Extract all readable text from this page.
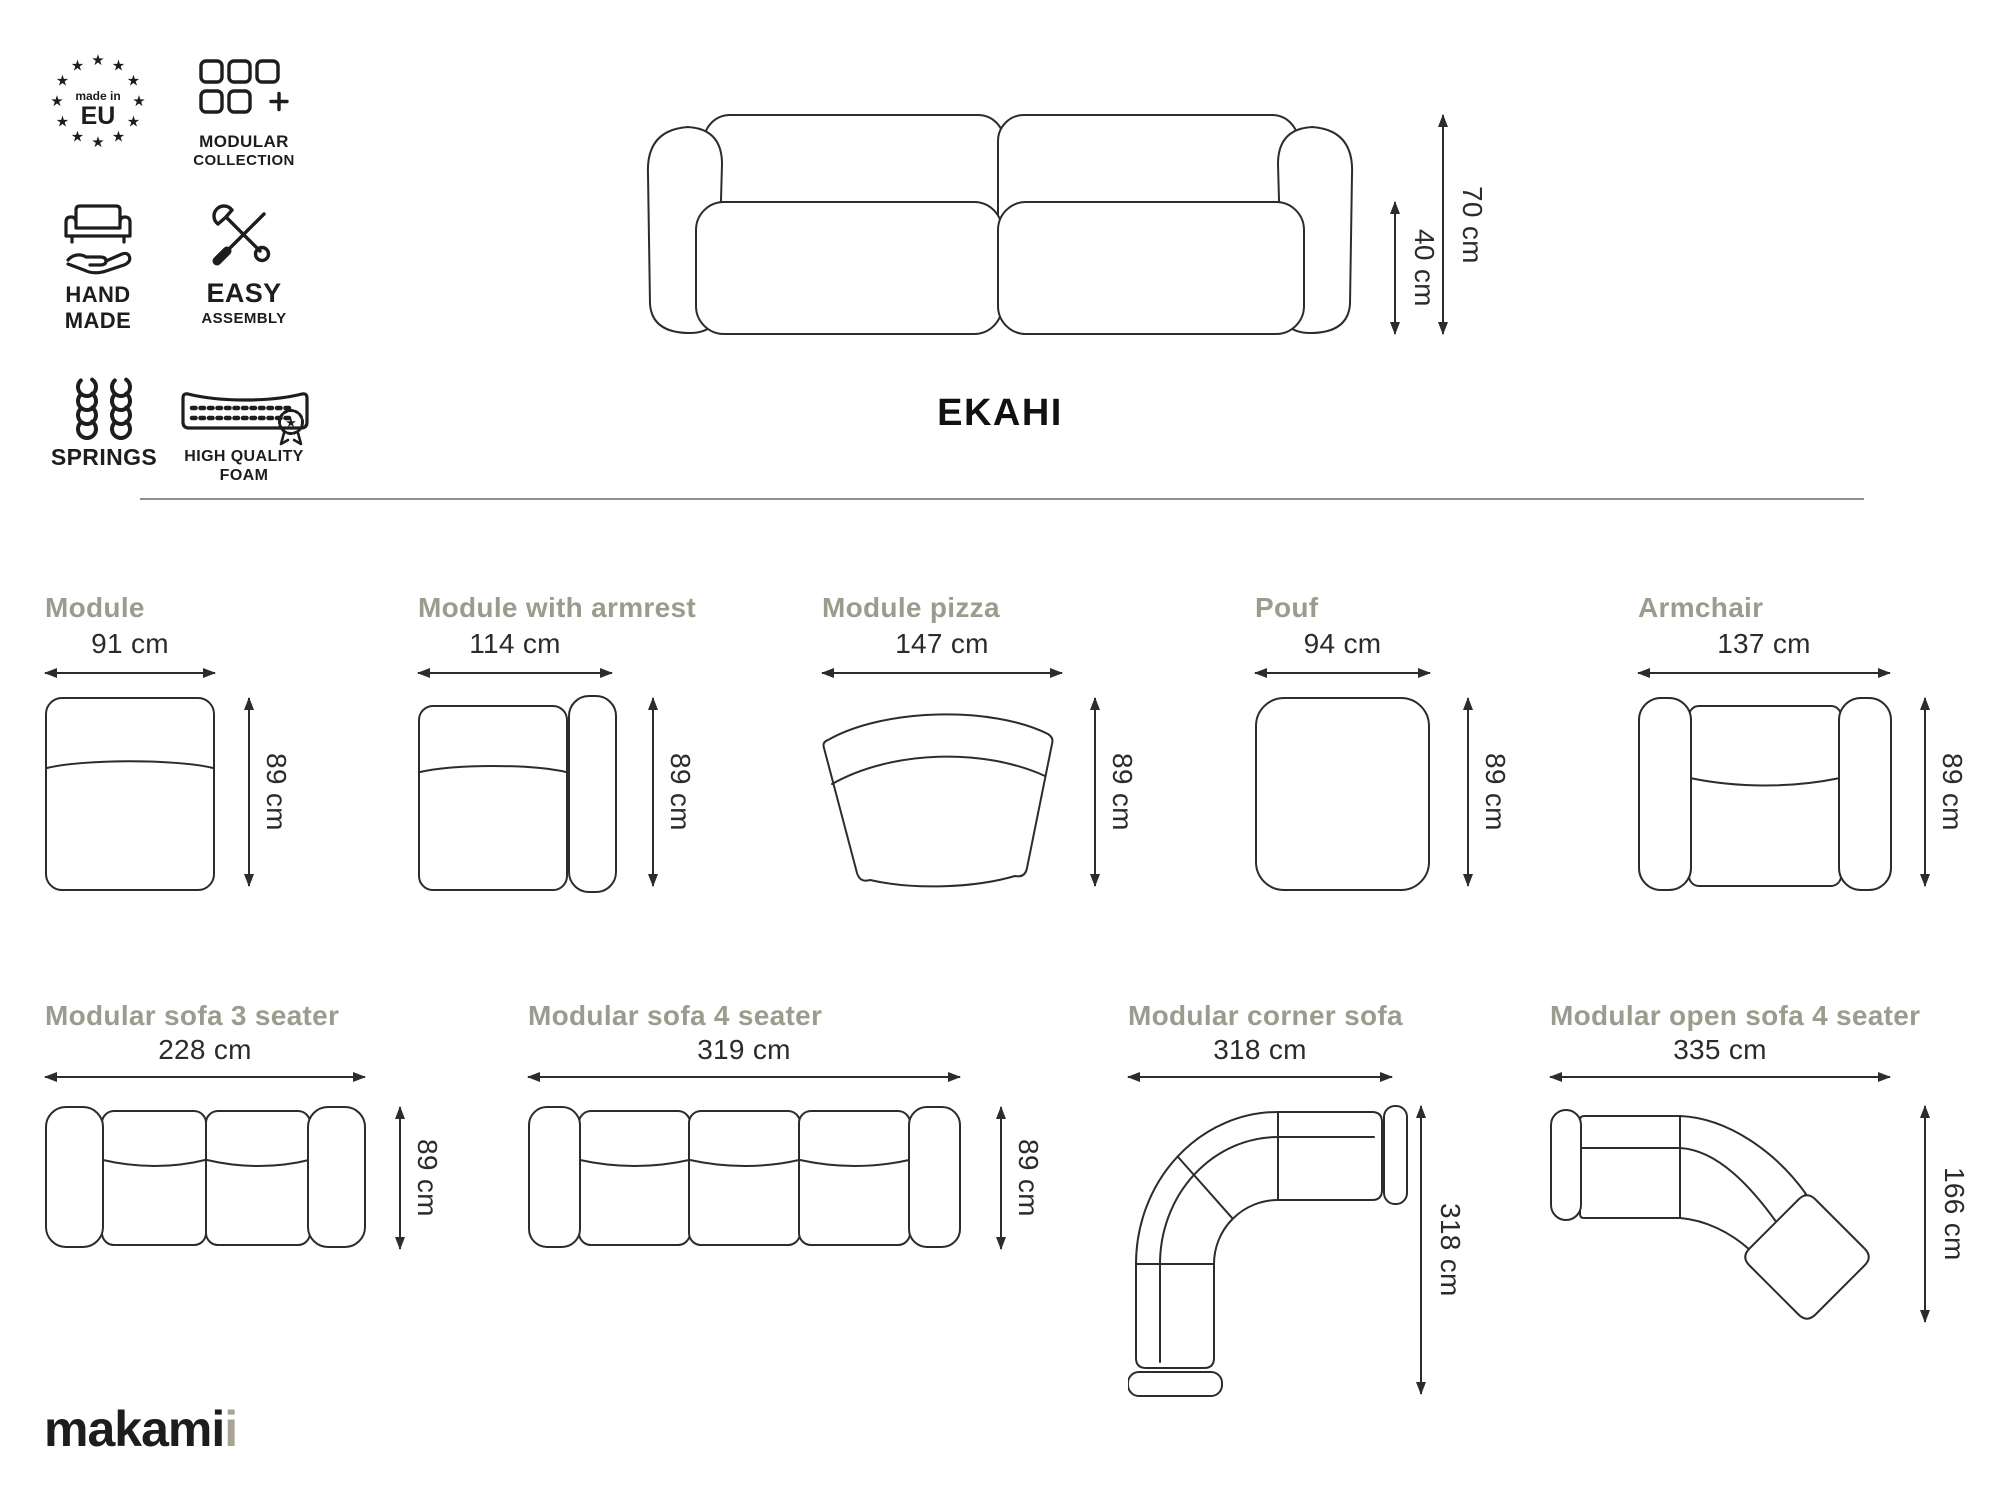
★ ★
★
★
★
★
★
★
★
★
★
★
made in
EU
MODULAR
COLLECTION
HAND
MADE
EASY
ASSEMBLY
SPRINGS
★
HIGH QUALITY
FOAM
40 cm
70 cm
EKAHI
Module
91 cm
89 cm
Module with armrest
114 cm
89 cm
Module pizza
147 cm
89 cm
Pouf
94 cm
89 cm
Armchair
137 cm
89 cm
Modular sofa 3 seater
228 cm
89 cm
Modular sofa 4 seater
319 cm
89 cm
Modular corner sofa
318 cm
318 cm
Modular open sofa 4 seater
335 cm
166 cm
makamii
